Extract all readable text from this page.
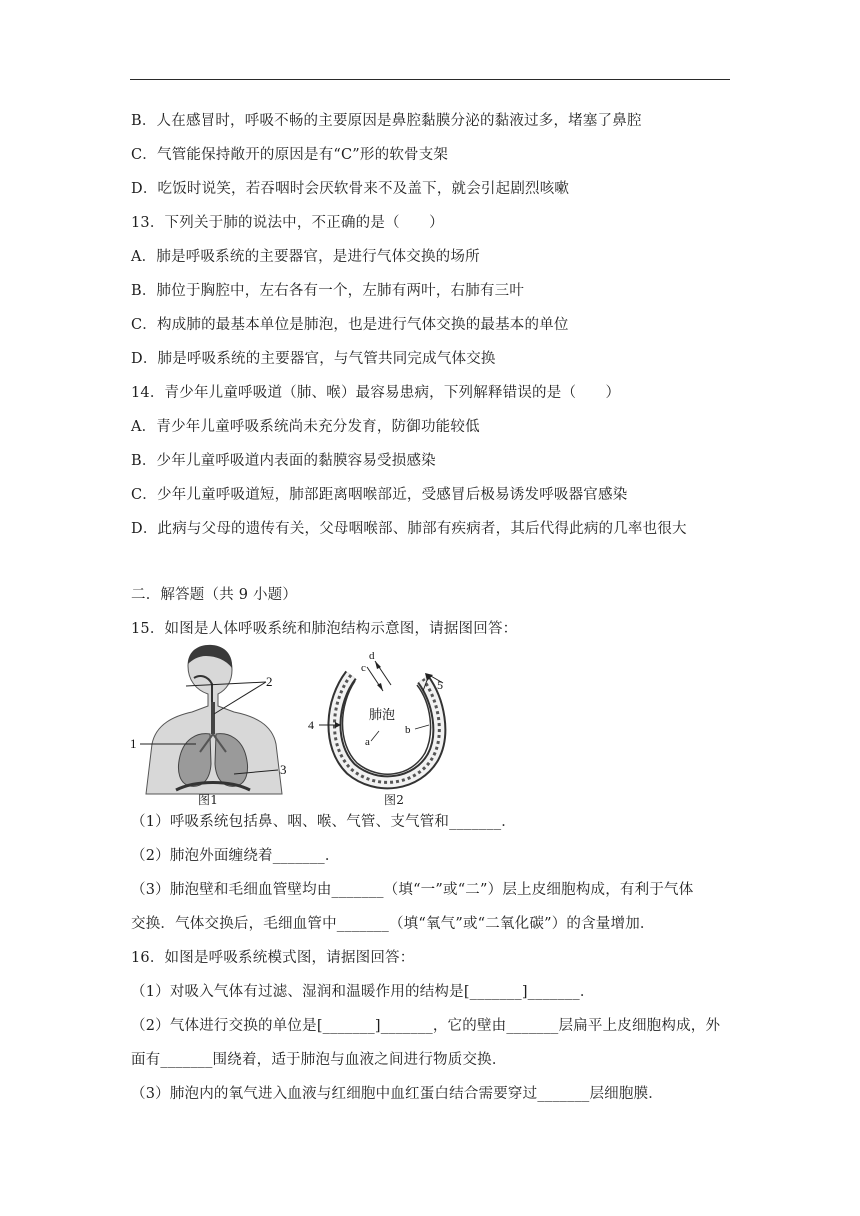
B．人在感冒时，呼吸不畅的主要原因是鼻腔黏膜分泌的黏液过多，堵塞了鼻腔
C．气管能保持敞开的原因是有“C”形的软骨支架
D．吃饭时说笑，若吞咽时会厌软骨来不及盖下，就会引起剧烈咳嗽
13．下列关于肺的说法中，不正确的是（　　）
A．肺是呼吸系统的主要器官，是进行气体交换的场所
B．肺位于胸腔中，左右各有一个，左肺有两叶，右肺有三叶
C．构成肺的最基本单位是肺泡，也是进行气体交换的最基本的单位
D．肺是呼吸系统的主要器官，与气管共同完成气体交换
14．青少年儿童呼吸道（肺、喉）最容易患病，下列解释错误的是（　　）
A．青少年儿童呼吸系统尚未充分发育，防御功能较低
B．少年儿童呼吸道内表面的黏膜容易受损感染
C．少年儿童呼吸道短，肺部距离咽喉部近，受感冒后极易诱发呼吸器官感染
D．此病与父母的遗传有关，父母咽喉部、肺部有疾病者，其后代得此病的几率也很大
二．解答题（共 9 小题）
15．如图是人体呼吸系统和肺泡结构示意图，请据图回答：
1
2
3
图1
c
d
4
5
a
b
肺泡
图2
（1）呼吸系统包括鼻、咽、喉、气管、支气管和_______．
（2）肺泡外面缠绕着_______．
（3）肺泡壁和毛细血管壁均由_______（填“一”或“二”）层上皮细胞构成，有利于气体
交换．气体交换后，毛细血管中_______（填“氧气”或“二氧化碳”）的含量增加．
16．如图是呼吸系统模式图，请据图回答：
（1）对吸入气体有过滤、湿润和温暖作用的结构是[_______]_______．
（2）气体进行交换的单位是[_______]_______，它的壁由_______层扁平上皮细胞构成，外
面有_______围绕着，适于肺泡与血液之间进行物质交换．
（3）肺泡内的氧气进入血液与红细胞中血红蛋白结合需要穿过_______层细胞膜．
